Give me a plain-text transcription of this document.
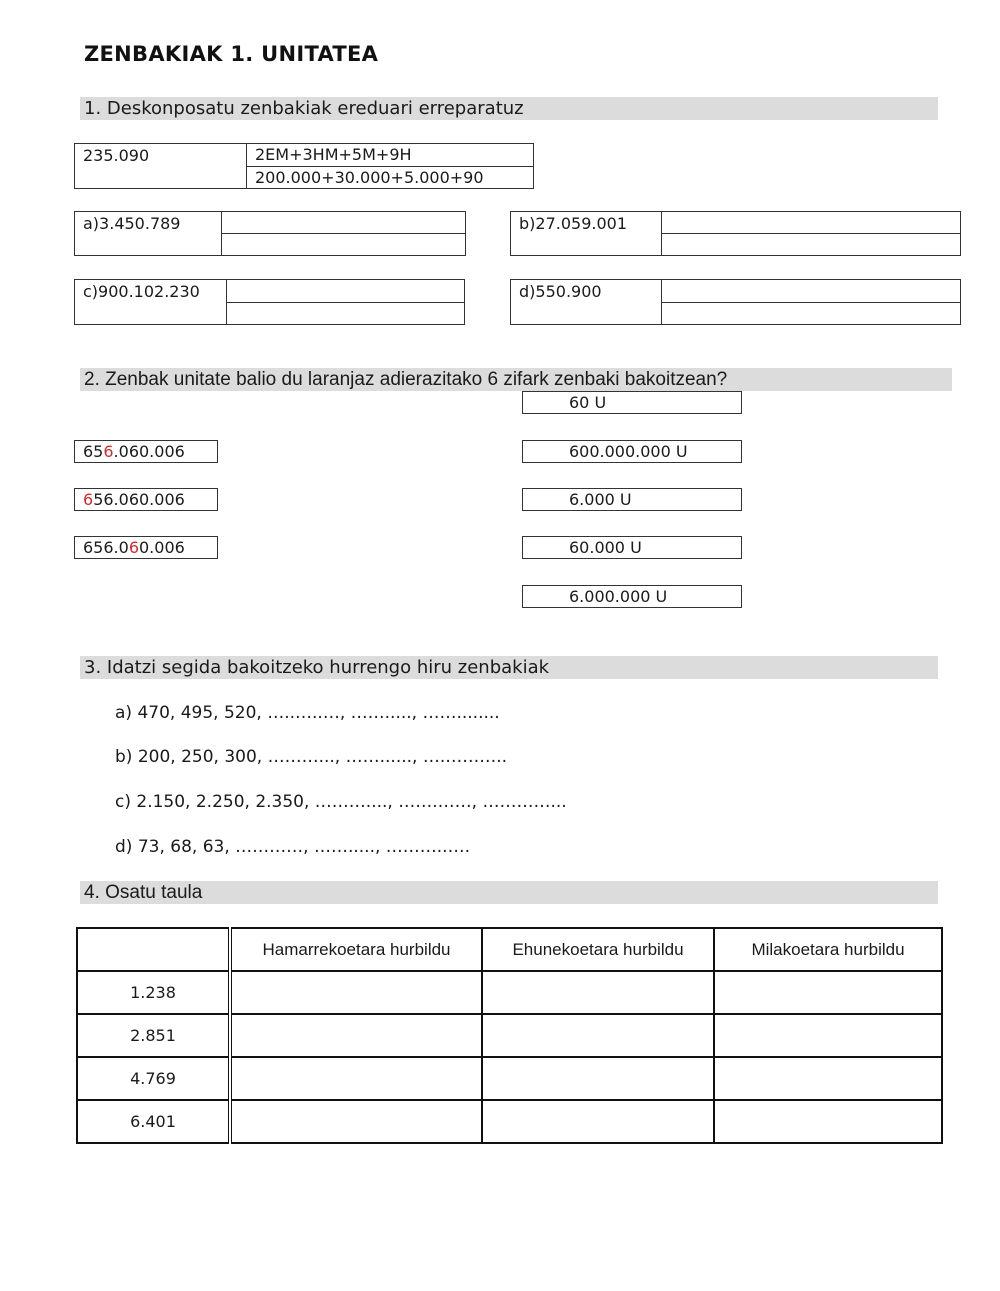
ZENBAKIAK 1. UNITATEA
1. Deskonposatu zenbakiak ereduari erreparatuz
235.090	2EM+3HM+5M+9H
200.000+30.000+5.000+90
a)3.450.789	b)27.059.001
c)900.102.230	d)550.900
2. Zenbak unitate balio du laranjaz adierazitako 6 zifark zenbaki bakoitzean?
656.060.006
656.060.006
656.060.006
60 U
600.000.000 U
6.000 U
60.000 U
6.000.000 U
3. Idatzi segida bakoitzeko hurrengo hiru zenbakiak
a) 470, 495, 520, …..…..…, ……....., ……........
b) 200, 250, 300, ………..., ……......, ….………..
c) 2.150, 2.250, 2.350, ………...., …….……, …………...
d) 73, 68, 63, …………, ……....., ………..….
4. Osatu taula
	Hamarrekoetara hurbildu	Ehunekoetara hurbildu	Milakoetara hurbildu
1.238			
2.851			
4.769			
6.401			
